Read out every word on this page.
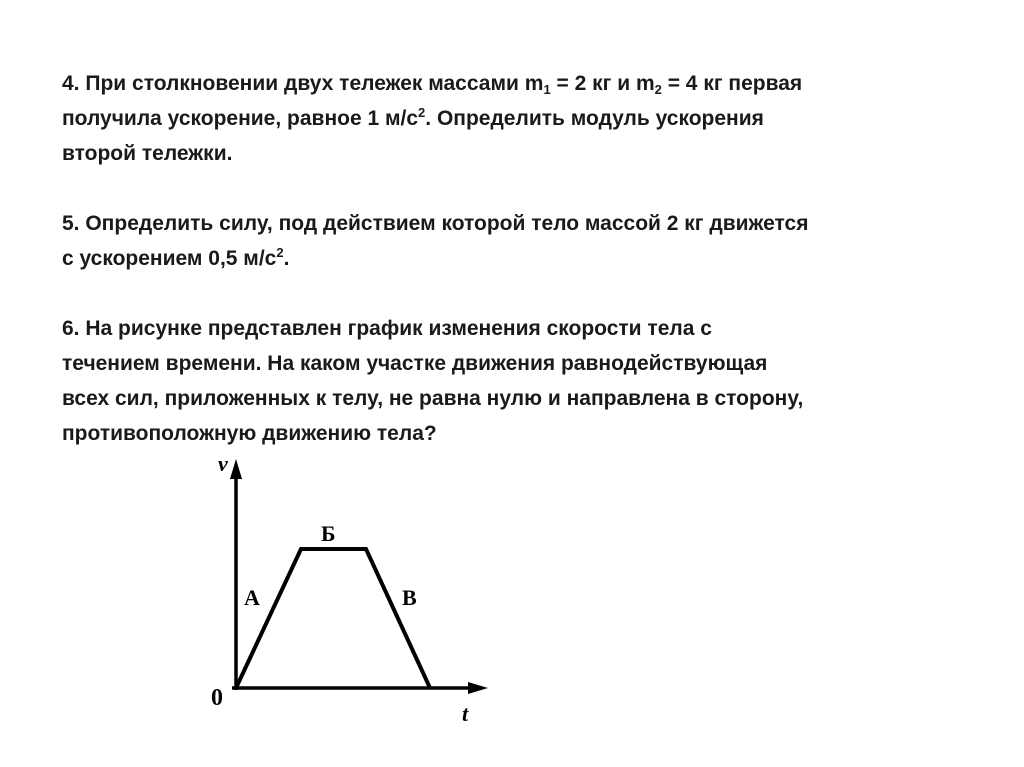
4. При столкновении двух тележек массами $m_1 = 2$ кг и $m_2 = 4$ кг первая
получила ускорение, равное 1 $м/с^2$. Определить модуль ускорения
второй тележки.
5. Определить силу, под действием которой тело массой 2 кг движется
с ускорением 0,5 $м/с^2$.
6. На рисунке представлен график изменения скорости тела с
течением времени. На каком участке движения равнодействующая
всех сил, приложенных к телу, не равна нулю и направлена в сторону,
противоположную движению тела?
v
t
0
А
Б
В
